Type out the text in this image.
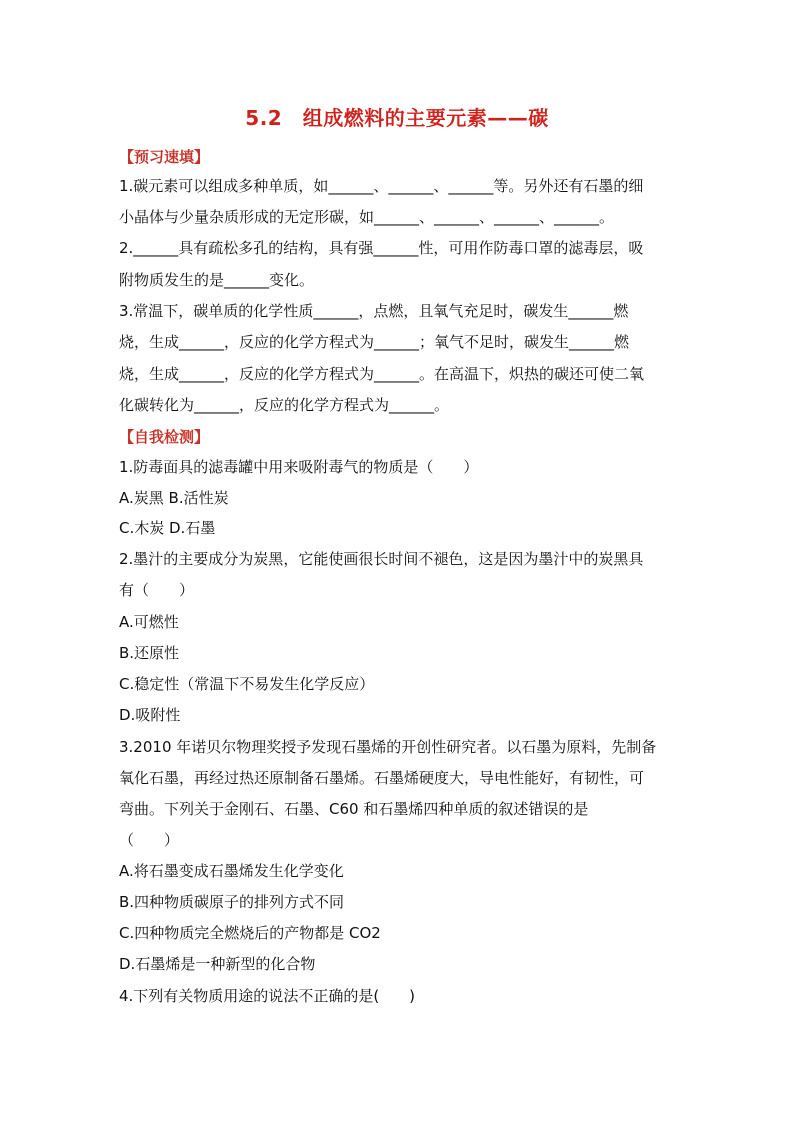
5.2　组成燃料的主要元素——碳
【预习速填】
1.碳元素可以组成多种单质，如______、______、______等。另外还有石墨的细
小晶体与少量杂质形成的无定形碳，如______、______、______、______。
2.______具有疏松多孔的结构，具有强______性，可用作防毒口罩的滤毒层，吸
附物质发生的是______变化。
3.常温下，碳单质的化学性质______，点燃，且氧气充足时，碳发生______燃
烧，生成______，反应的化学方程式为______；氧气不足时，碳发生______燃
烧，生成______，反应的化学方程式为______。在高温下，炽热的碳还可使二氧
化碳转化为______，反应的化学方程式为______。
【自我检测】
1.防毒面具的滤毒罐中用来吸附毒气的物质是（　　）
A.炭黑 B.活性炭
C.木炭 D.石墨
2.墨汁的主要成分为炭黑，它能使画很长时间不褪色，这是因为墨汁中的炭黑具
有（　　）
A.可燃性
B.还原性
C.稳定性（常温下不易发生化学反应）
D.吸附性
3.2010 年诺贝尔物理奖授予发现石墨烯的开创性研究者。以石墨为原料，先制备
氧化石墨，再经过热还原制备石墨烯。石墨烯硬度大，导电性能好，有韧性，可
弯曲。下列关于金刚石、石墨、C60 和石墨烯四种单质的叙述错误的是
（　　）
A.将石墨变成石墨烯发生化学变化
B.四种物质碳原子的排列方式不同
C.四种物质完全燃烧后的产物都是 CO2
D.石墨烯是一种新型的化合物
4.下列有关物质用途的说法不正确的是(　　)
